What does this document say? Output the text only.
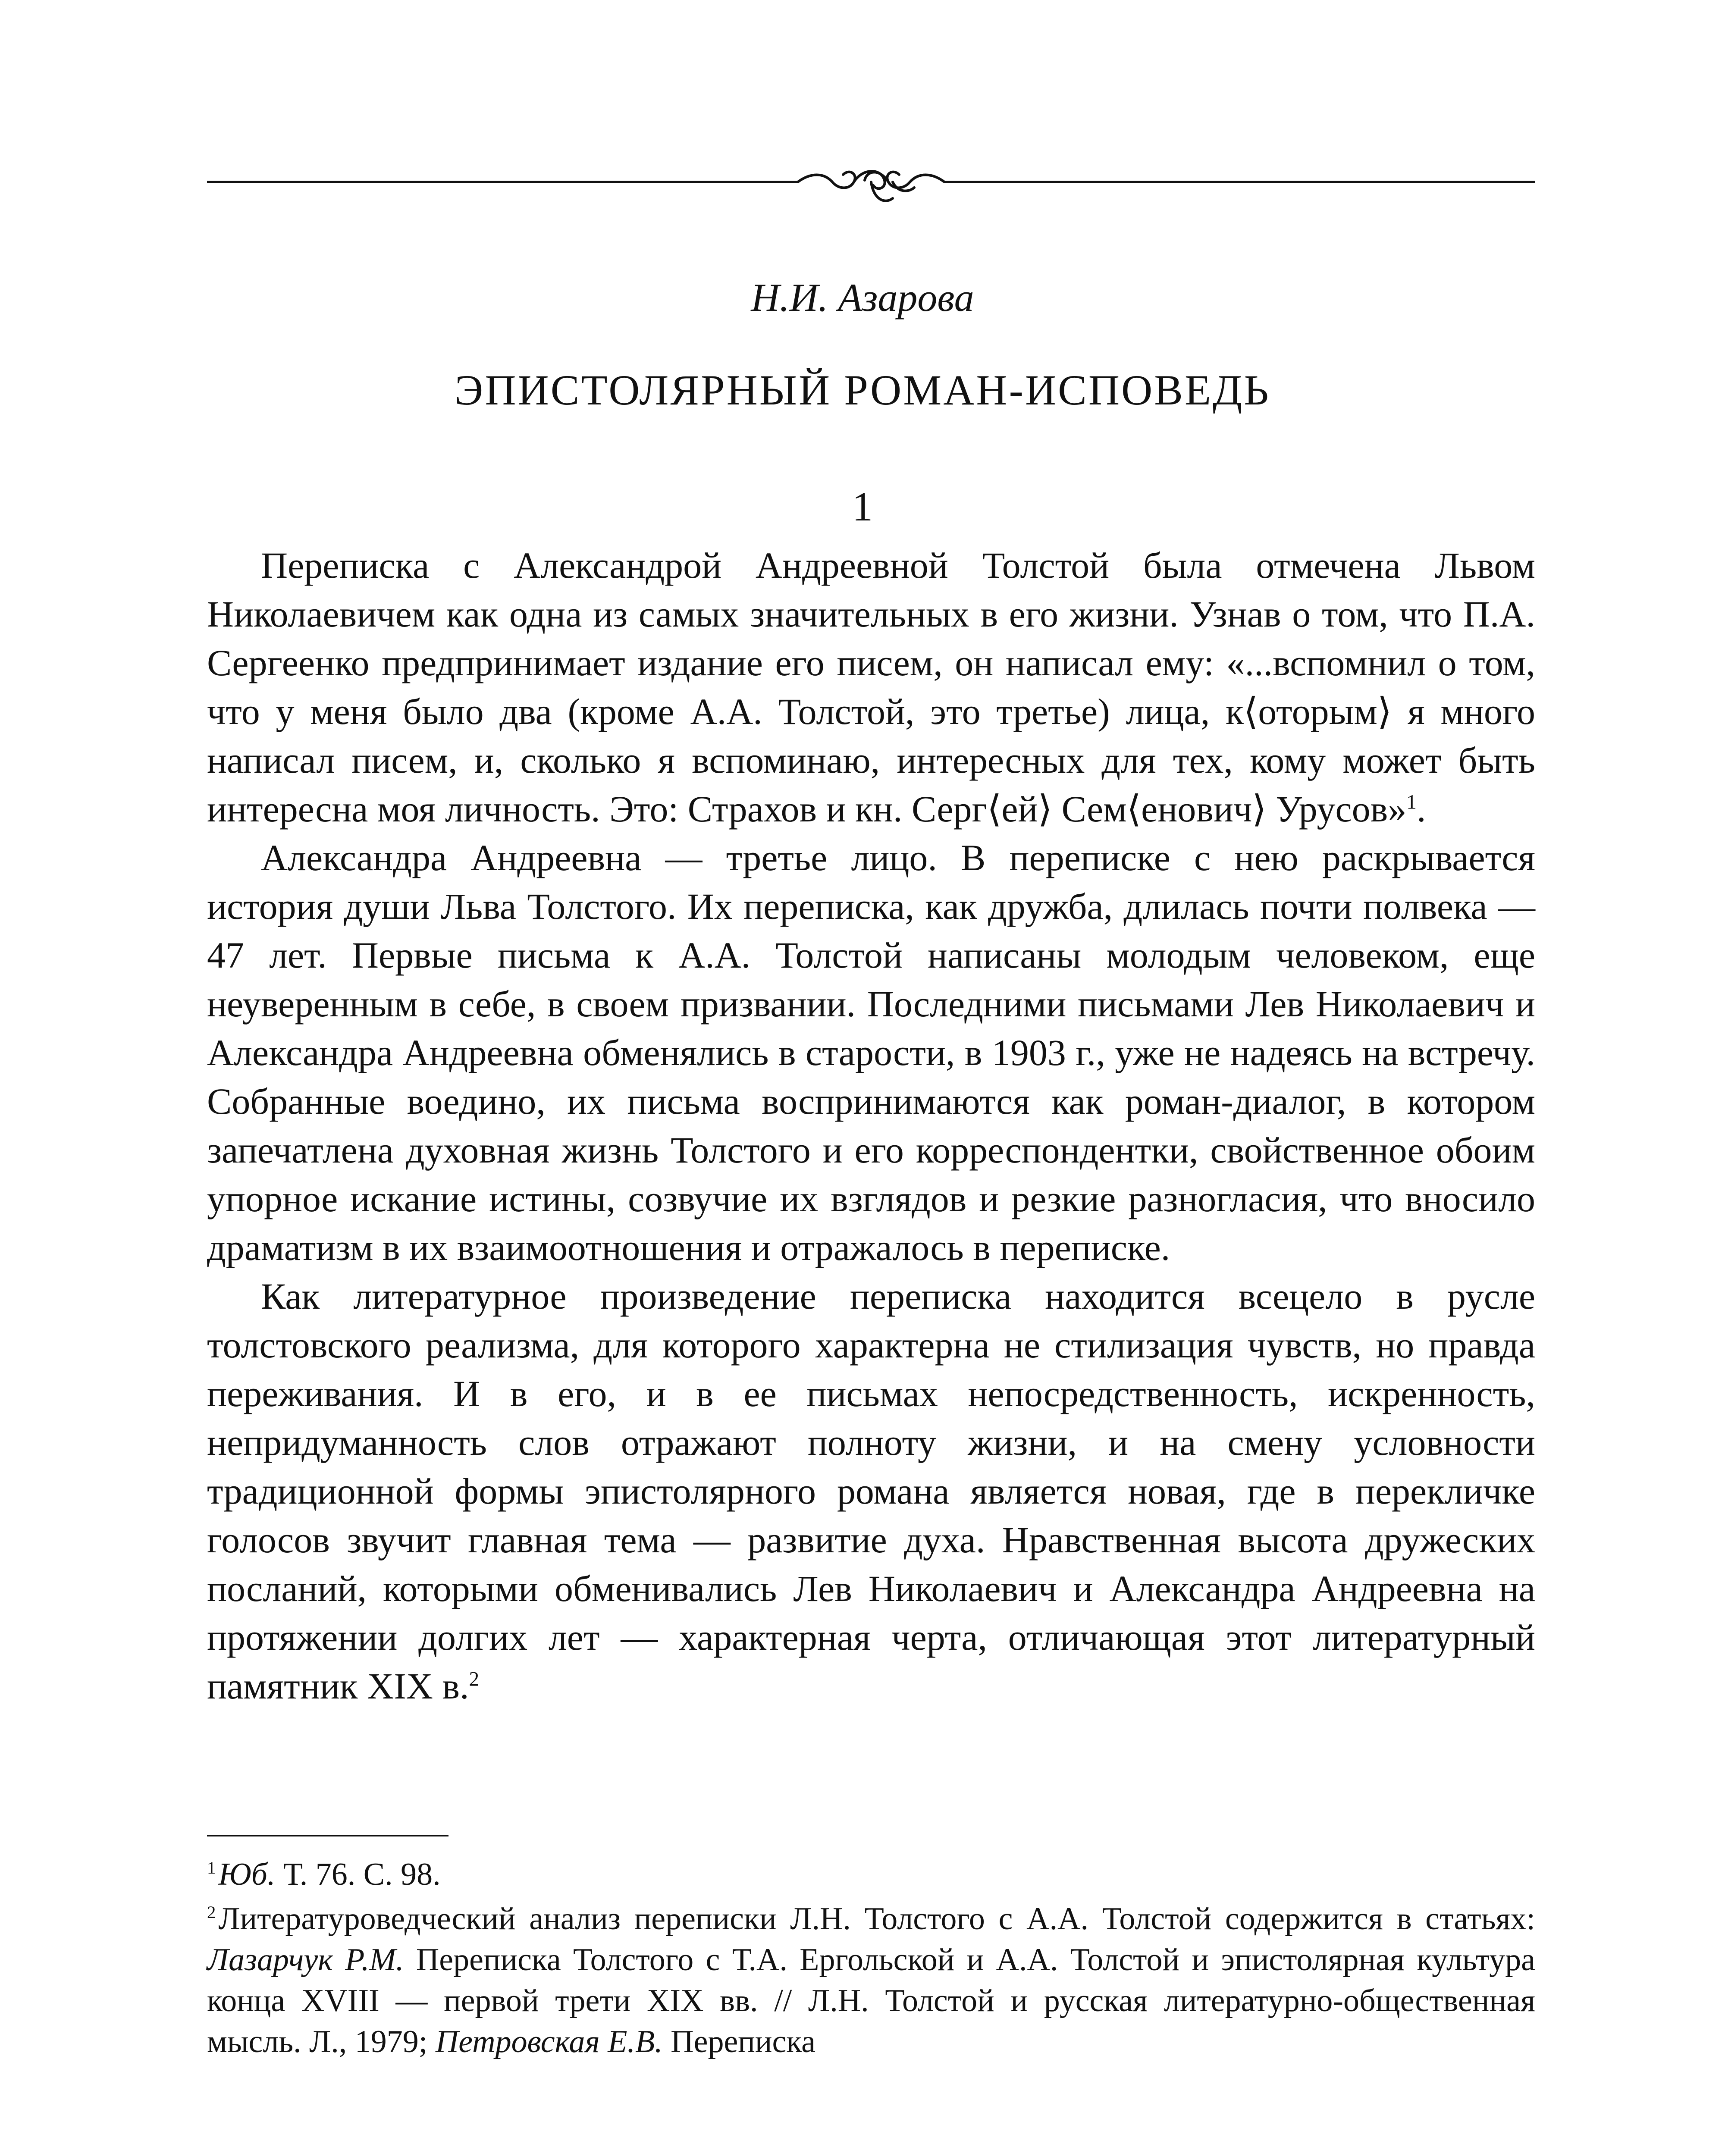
Н.И. Азарова
ЭПИСТОЛЯРНЫЙ РОМАН-ИСПОВЕДЬ
1

Переписка с Александрой Андреевной Толстой была отмечена Львом Николаевичем как одна из самых значительных в его жизни. Узнав о том, что П.А. Сергеенко предпринимает издание его писем, он написал ему: «...вспомнил о том, что у меня было два (кроме А.А. Толстой, это третье) лица, к⟨оторым⟩ я много написал писем, и, сколько я вспоминаю, интересных для тех, кому может быть интересна моя личность. Это: Страхов и кн. Серг⟨ей⟩ Сем⟨енович⟩ Урусов»$^1$.

Александра Андреевна — третье лицо. В переписке с нею раскрывается история души Льва Толстого. Их переписка, как дружба, длилась почти полвека — 47 лет. Первые письма к А.А. Толстой написаны молодым человеком, еще неуверенным в себе, в своем призвании. Последними письмами Лев Николаевич и Александра Андреевна обменялись в старости, в 1903 г., уже не надеясь на встречу. Собранные воедино, их письма воспринимаются как роман-диалог, в котором запечатлена духовная жизнь Толстого и его корреспондентки, свойственное обоим упорное искание истины, созвучие их взглядов и резкие разногласия, что вносило драматизм в их взаимоотношения и отражалось в переписке.

Как литературное произведение переписка находится всецело в русле толстовского реализма, для которого характерна не стилизация чувств, но правда переживания. И в его, и в ее письмах непосредственность, искренность, непридуманность слов отражают полноту жизни, и на смену условности традиционной формы эпистолярного романа является новая, где в перекличке голосов звучит главная тема — развитие духа. Нравственная высота дружеских посланий, которыми обменивались Лев Николаевич и Александра Андреевна на протяжении долгих лет — характерная черта, отличающая этот литературный памятник XIX в.$^2$

$^1$Юб. Т. 76. С. 98.

$^2$Литературоведческий анализ переписки Л.Н. Толстого с А.А. Толстой содержится в статьях: Лазарчук Р.М. Переписка Толстого с Т.А. Ергольской и А.А. Толстой и эпистолярная культура конца XVIII — первой трети XIX вв. // Л.Н. Толстой и русская литературно-общественная мысль. Л., 1979; Петровская Е.В. Переписка
